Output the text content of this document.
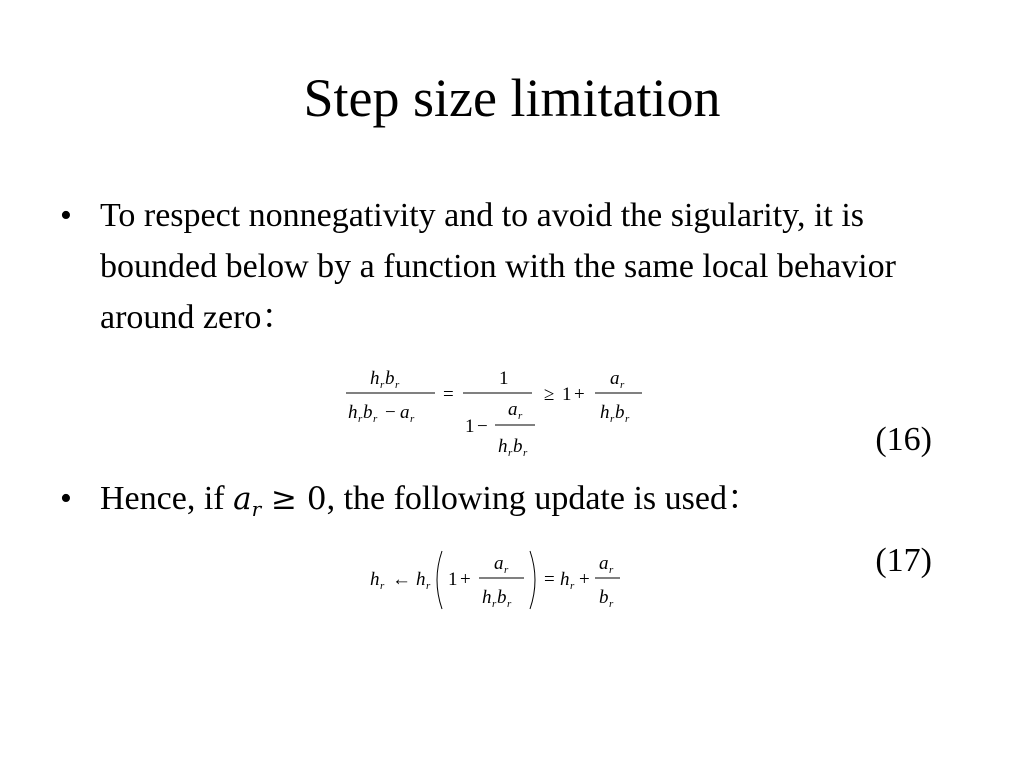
Step size limitation
• To respect nonnegativity and to avoid the sigularity, it is bounded below by a function with the same local behavior around zero：
h r b r
h r b r − a r
=
1
1 −
a r
h r b r
≥ 1 +
a r
h r b r
(16)
• Hence, if $a_r \ge 0$, the following update is used：
h r ← h r 1 +
a r
h r b r
= h r +
a r
b r
(17)
